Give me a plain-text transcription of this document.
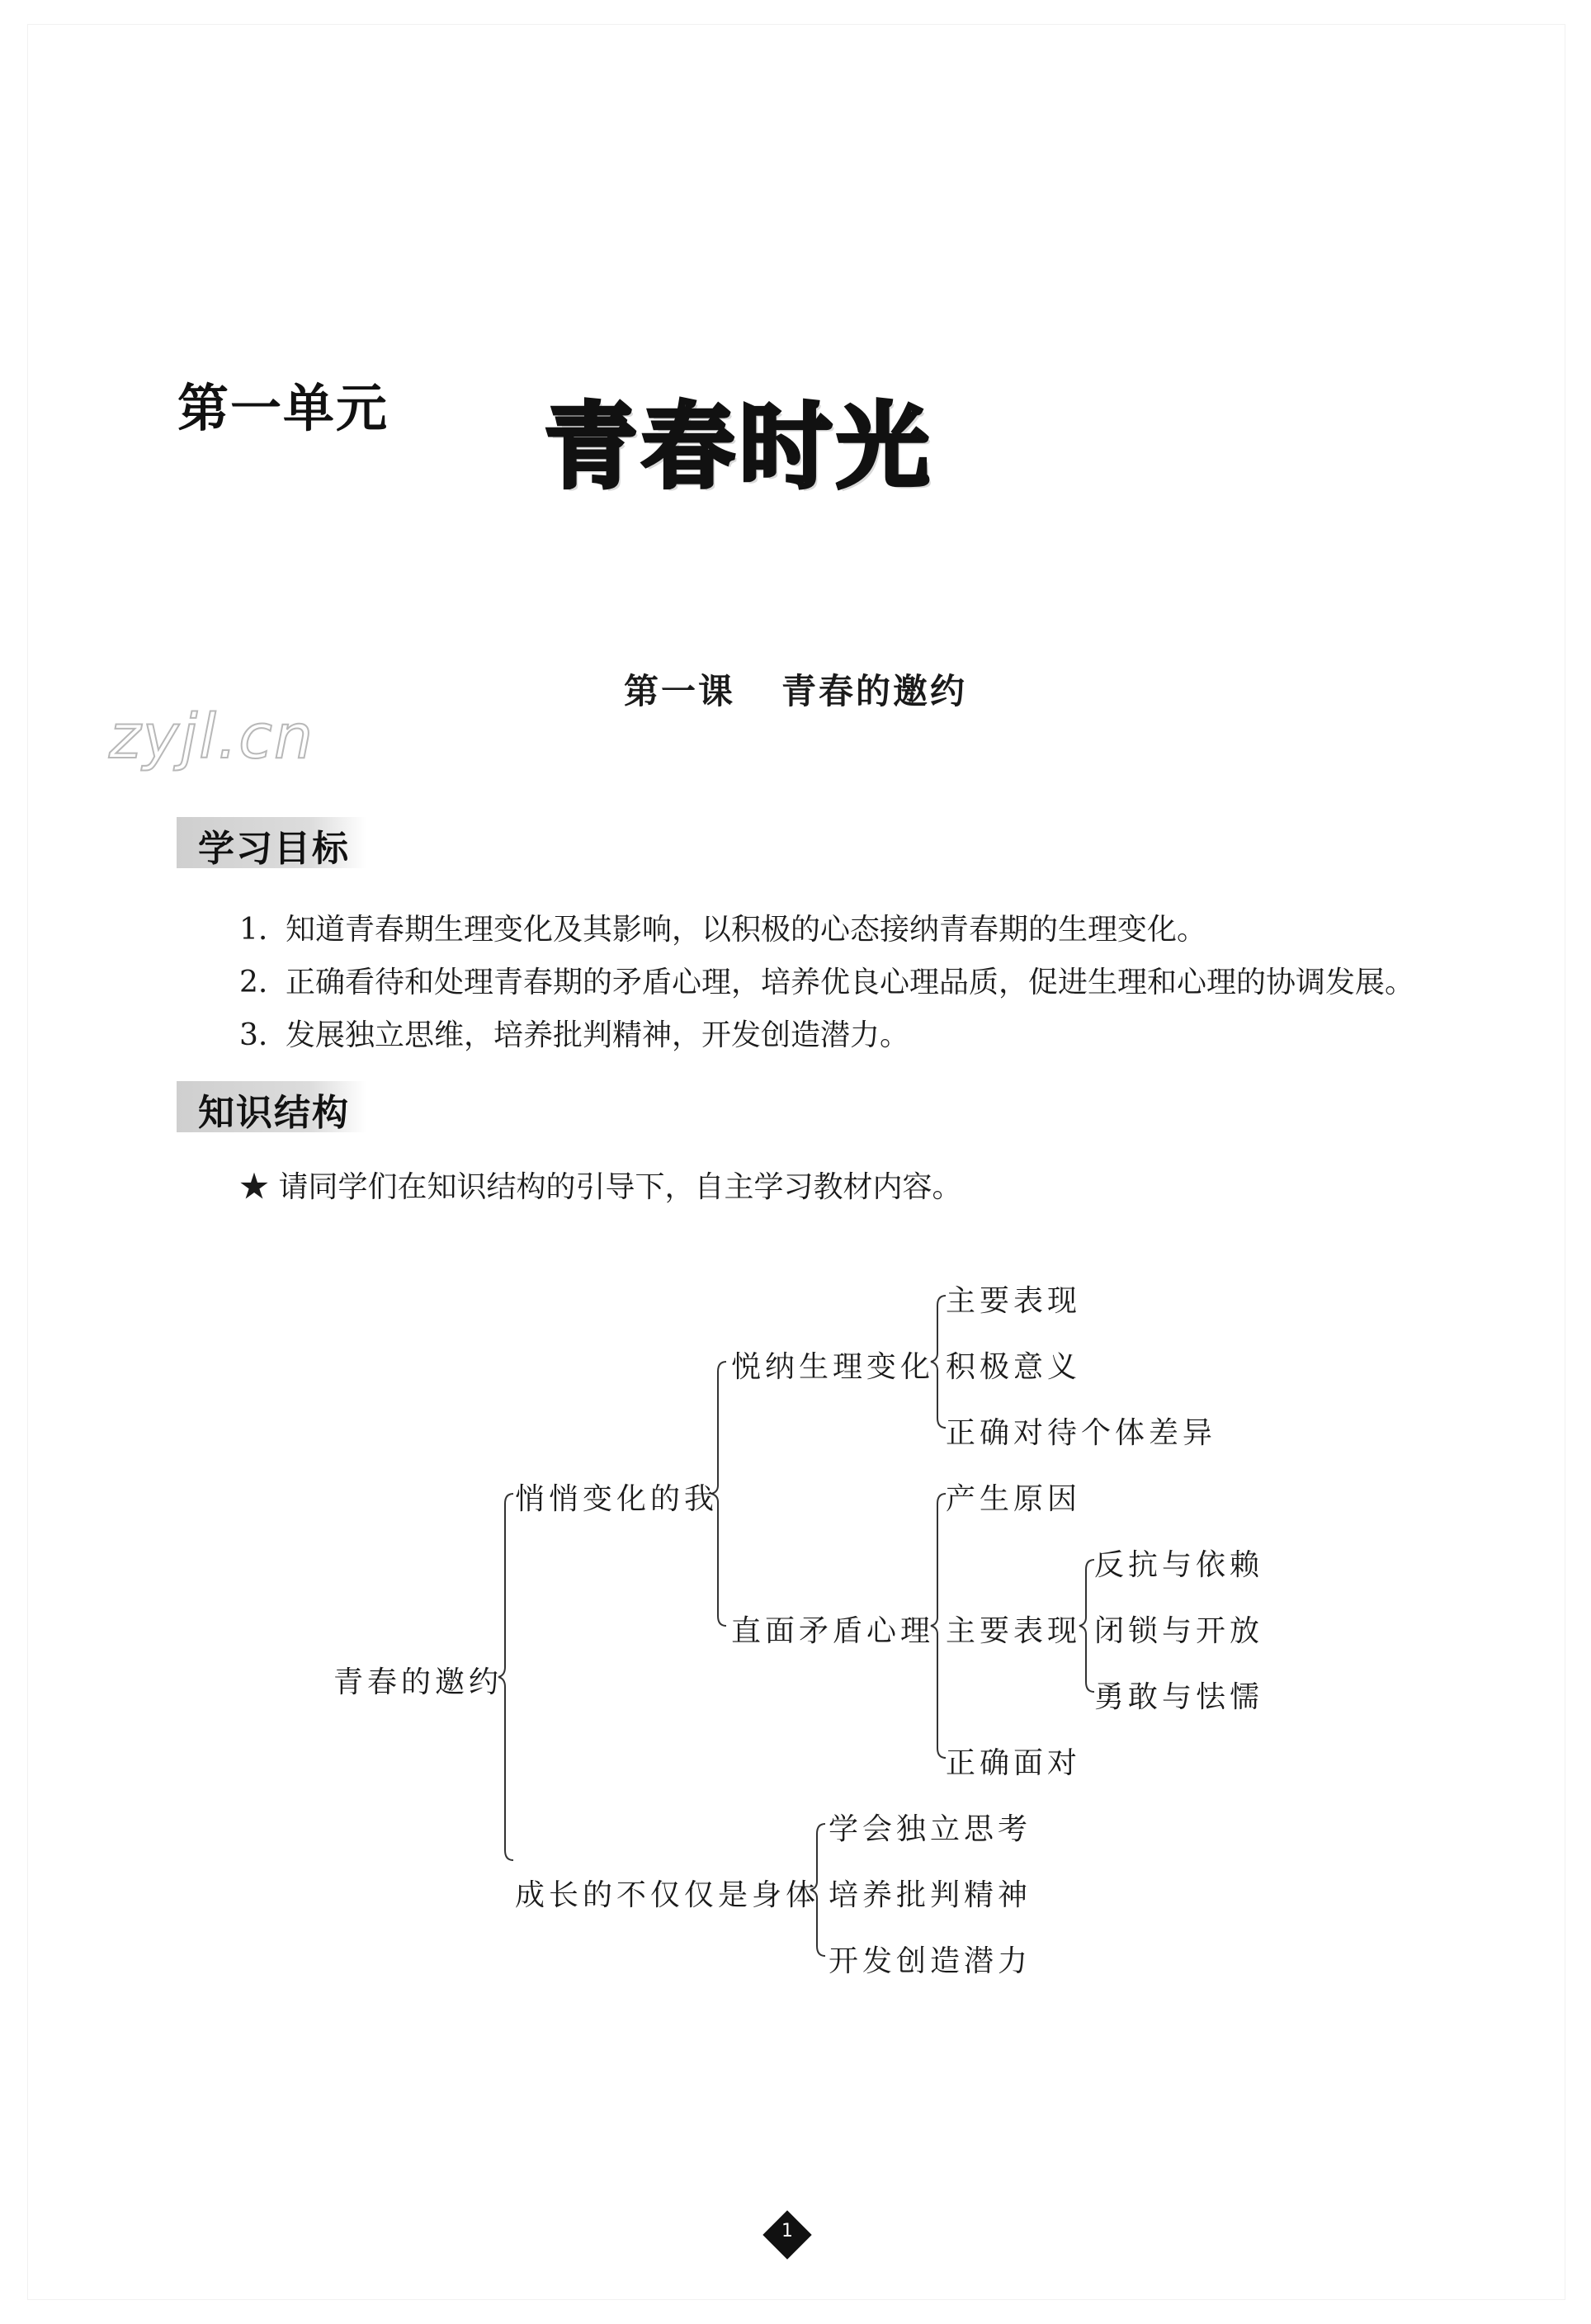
第一单元 青春时光
zyjl.cn
第一课 青春的邀约
学习目标
1. 知道青春期生理变化及其影响，以积极的心态接纳青春期的生理变化。
2. 正确看待和处理青春期的矛盾心理，培养优良心理品质，促进生理和心理的协调发展。
3. 发展独立思维，培养批判精神，开发创造潜力。
知识结构
★ 请同学们在知识结构的引导下，自主学习教材内容。
青春的邀约
悄悄变化的我
成长的不仅仅是身体
悦纳生理变化
直面矛盾心理
主要表现
积极意义
正确对待个体差异
产生原因
主要表现
正确面对
反抗与依赖
闭锁与开放
勇敢与怯懦
学会独立思考
培养批判精神
开发创造潜力
1
